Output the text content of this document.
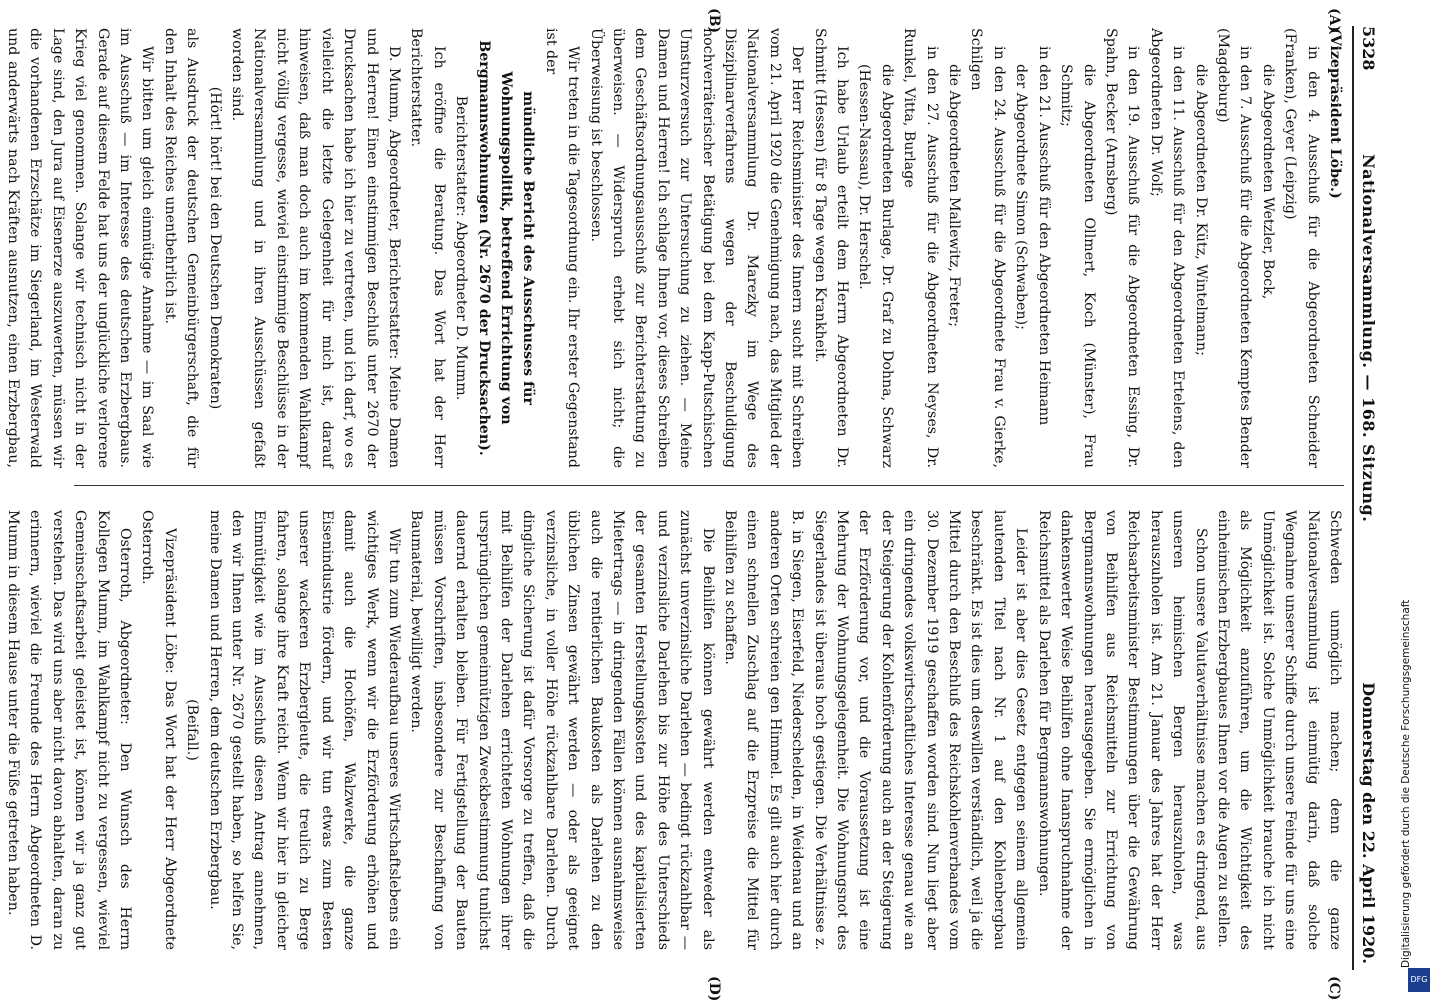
5328
Nationalversammlung. — 168. Sitzung.
Donnerstag den 22. April 1920.
(A)
(B)
(C)
(D)

(Vizepräsident Löbe.)

in den 4. Ausschuß für die Abgeordneten Schneider (Franken), Geyer (Leipzig)

die Abgeordneten Wetzler, Bock,

in den 7. Ausschuß für die Abgeordneten Kemptes Bender (Magdeburg)

die Abgeordneten Dr. Kütz, Wintelmann;

in den 11. Ausschuß für den Abgeordneten Ertelens, den Abgeordneten Dr. Wolf;

in den 19. Ausschuß für die Abgeordneten Essing, Dr. Spahn, Becker (Arnsberg)

die Abgeordneten Ollmert, Koch (Münster), Frau Schmitz;

in den 21. Ausschuß für den Abgeordneten Heimann

der Abgeordnete Simon (Schwaben);

in den 24. Ausschuß für die Abgeordnete Frau v. Gierke, Schilgen

die Abgeordneten Mallewitz, Freter;

in den 27. Ausschuß für die Abgeordneten Neyses, Dr. Runkel, Vitta, Burlage

die Abgeordneten Burlage, Dr. Graf zu Dohna, Schwarz (Hessen-Nassau), Dr. Herschel.

Ich habe Urlaub erteilt dem Herrn Abgeordneten Dr. Schmitt (Hessen) für 8 Tage wegen Krankheit.

Der Herr Reichsminister des Innern sucht mit Schreiben vom 21. April 1920 die Genehmigung nach, das Mitglied der Nationalversammlung Dr. Marezky im Wege des Disziplinarverfahrens wegen der Beschuldigung hochverräterischer Betätigung bei dem Kapp-Putschischen Umsturzversuch zur Untersuchung zu ziehen. — Meine Damen und Herren! Ich schlage Ihnen vor, dieses Schreiben dem Geschäftsordnungsausschuß zur Berichterstattung zu überweisen. — Widerspruch erhebt sich nicht; die Überweisung ist beschlossen.

Wir treten in die Tagesordnung ein. Ihr erster Gegenstand ist der

mündliche Bericht des Ausschusses für Wohnungspolitik, betreffend Errichtung von Bergmannswohnungen (Nr. 2670 der Drucksachen).

Berichterstatter: Abgeordneter D. Mumm.

Ich eröffne die Beratung. Das Wort hat der Herr Berichterstatter.

D. Mumm, Abgeordneter, Berichterstatter: Meine Damen und Herren! Einen einstimmigen Beschluß unter 2670 der Drucksachen habe ich hier zu vertreten, und ich darf, wo es vielleicht die letzte Gelegenheit für mich ist, darauf hinweisen, daß man doch auch im kommenden Wahlkampf nicht völlig vergesse, wieviel einstimmige Beschlüsse in der Nationalversammlung und in ihren Ausschüssen gefaßt worden sind.

(Hört! hört! bei den Deutschen Demokraten)

als Ausdruck der deutschen Gemeinbürgerschaft, die für den Inhalt des Reiches unentbehrlich ist.

Wir bitten um gleich einmütige Annahme — im Saal wie im Ausschuß — im Interesse des deutschen Erzbergbaus. Gerade auf diesem Felde hat uns der unglückliche verlorene Krieg viel genommen. Solange wir technisch nicht in der Lage sind, den Jura auf Eisenerze auszuwerten, müssen wir die vorhandenen Erzschätze im Siegerland, im Westerwald und anderwärts nach Kräften ausnutzen, einen Erzbergbau,

Schweden unmöglich machen; denn die ganze Nationalversammlung ist einmütig darin, daß solche Wegnahme unserer Schiffe durch unsere Feinde für uns eine Unmöglichkeit ist. Solche Unmöglichkeit brauche ich nicht als Möglichkeit anzuführen, um die Wichtigkeit des einheimischen Erzbergbaues Ihnen vor die Augen zu stellen.

Schon unsere Valutaverhältnisse machen es dringend, aus unseren heimischen Bergen herauszuholen, was herauszuholen ist. Am 21. Januar des Jahres hat der Herr Reichsarbeitsminister Bestimmungen über die Gewährung von Beihilfen aus Reichsmitteln zur Errichtung von Bergmannswohnungen herausgegeben. Sie ermöglichen in dankenswerter Weise Beihilfen ohne Inanspruchnahme der Reichsmittel als Darlehen für Bergmannswohnungen.

Leider ist aber dies Gesetz entgegen seinem allgemein lautenden Titel nach Nr. 1 auf den Kohlenbergbau beschränkt. Es ist dies um deswillen verständlich, weil ja die Mittel durch den Beschluß des Reichskohlenverbandes vom 30. Dezember 1919 geschaffen worden sind. Nun liegt aber ein dringendes volkswirtschaftliches Interesse genau wie an der Steigerung der Kohlenförderung auch an der Steigerung der Erzförderung vor, und die Voraussetzung ist eine Mehrung der Wohnungsgelegenheit. Die Wohnungsnot des Siegerlandes ist überaus hoch gestiegen. Die Verhältnisse z. B. in Siegen, Eiserfeld, Niederschelden, in Weidenau und an anderen Orten schreien gen Himmel. Es gilt auch hier durch einen schnellen Zuschlag auf die Erzpreise die Mittel für Beihilfen zu schaffen.

Die Beihilfen können gewährt werden entweder als zunächst unverzinsliche Darlehen — bedingt rückzahlbar — und verzinsliche Darlehen bis zur Höhe des Unterschieds der gesamten Herstellungskosten und des kapitalisierten Mietertrags — in dringenden Fällen können ausnahmsweise auch die rentierlichen Baukosten als Darlehen zu den üblichen Zinsen gewährt werden — oder als geeignet verzinsliche, in voller Höhe rückzahlbare Darlehen. Durch dingliche Sicherung ist dafür Vorsorge zu treffen, daß die mit Beihilfen der Darlehen errichteten Wohnungen ihrer ursprünglichen gemeinnützigen Zweckbestimmung tunlichst dauernd erhalten bleiben. Für Fertigstellung der Bauten müssen Vorschriften, insbesondere zur Beschaffung von Baumaterial, bewilligt werden.

Wir tun zum Wiederaufbau unseres Wirtschaftslebens ein wichtiges Werk, wenn wir die Erzförderung erhöhen und damit auch die Hochöfen, Walzwerke, die ganze Eisenindustrie fördern, und wir tun etwas zum Besten unserer wackeren Erzbergleute, die treulich zu Berge fahren, solange ihre Kraft reicht. Wenn wir hier in gleicher Einmütigkeit wie im Ausschuß diesen Antrag annehmen, den wir Ihnen unter Nr. 2670 gestellt haben, so helfen Sie, meine Damen und Herren, dem deutschen Erzbergbau.

(Beifall.)

Vizepräsident Löbe: Das Wort hat der Herr Abgeordnete Osterroth.

Osterroth, Abgeordneter: Den Wunsch des Herrn Kollegen Mumm, im Wahlkampf nicht zu vergessen, wieviel Gemeinschaftsarbeit geleistet ist, können wir ja ganz gut verstehen. Das wird uns aber nicht davon abhalten, daran zu erinnern, wieviel die Freunde des Herrn Abgeordneten D. Mumm in diesem Hause unter die Füße getreten haben.	Digitalisierung gefördert durch die Deutsche Forschungsgemeinschaft
DFG
